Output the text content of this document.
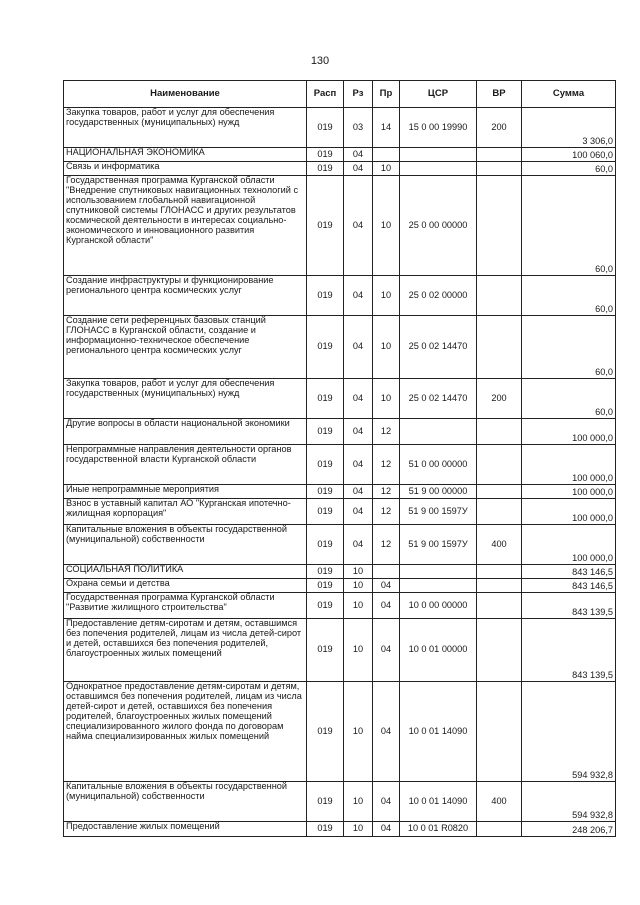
130
Наименование	Расп	Рз	Пр	ЦСР	ВР	Сумма
Закупка товаров, работ и услуг для обеспечения государственных (муниципальных) нужд	019	03	14	15 0 00 19990	200	3 306,0
НАЦИОНАЛЬНАЯ ЭКОНОМИКА	019	04				100 060,0
Связь и информатика	019	04	10			60,0
Государственная программа Курганской области "Внедрение спутниковых навигационных технологий с использованием глобальной навигационной спутниковой системы ГЛОНАСС и других результатов космической деятельности в интересах социально-экономического и инновационного развития Курганской области"	019	04	10	25 0 00 00000		60,0
Создание инфраструктуры и функционирование регионального центра космических услуг	019	04	10	25 0 02 00000		60,0
Создание сети референцных базовых станций ГЛОНАСС в Курганской области, создание и информационно-техническое обеспечение регионального центра космических услуг	019	04	10	25 0 02 14470		60,0
Закупка товаров, работ и услуг для обеспечения государственных (муниципальных) нужд	019	04	10	25 0 02 14470	200	60,0
Другие вопросы в области национальной экономики	019	04	12			100 000,0
Непрограммные направления деятельности органов государственной власти Курганской области	019	04	12	51 0 00 00000		100 000,0
Иные непрограммные мероприятия	019	04	12	51 9 00 00000		100 000,0
Взнос в уставный капитал АО "Курганская ипотечно-жилищная корпорация"	019	04	12	51 9 00 1597У		100 000,0
Капитальные вложения в объекты государственной (муниципальной) собственности	019	04	12	51 9 00 1597У	400	100 000,0
СОЦИАЛЬНАЯ ПОЛИТИКА	019	10				843 146,5
Охрана семьи и детства	019	10	04			843 146,5
Государственная программа Курганской области "Развитие жилищного строительства"	019	10	04	10 0 00 00000		843 139,5
Предоставление детям-сиротам и детям, оставшимся без попечения родителей, лицам из числа детей-сирот и детей, оставшихся без попечения родителей, благоустроенных жилых помещений	019	10	04	10 0 01 00000		843 139,5
Однократное предоставление детям-сиротам и детям, оставшимся без попечения родителей, лицам из числа детей-сирот и детей, оставшихся без попечения родителей, благоустроенных жилых помещений специализированного жилого фонда по договорам найма специализированных жилых помещений	019	10	04	10 0 01 14090		594 932,8
Капитальные вложения в объекты государственной (муниципальной) собственности	019	10	04	10 0 01 14090	400	594 932,8
Предоставление жилых помещений	019	10	04	10 0 01 R0820		248 206,7
